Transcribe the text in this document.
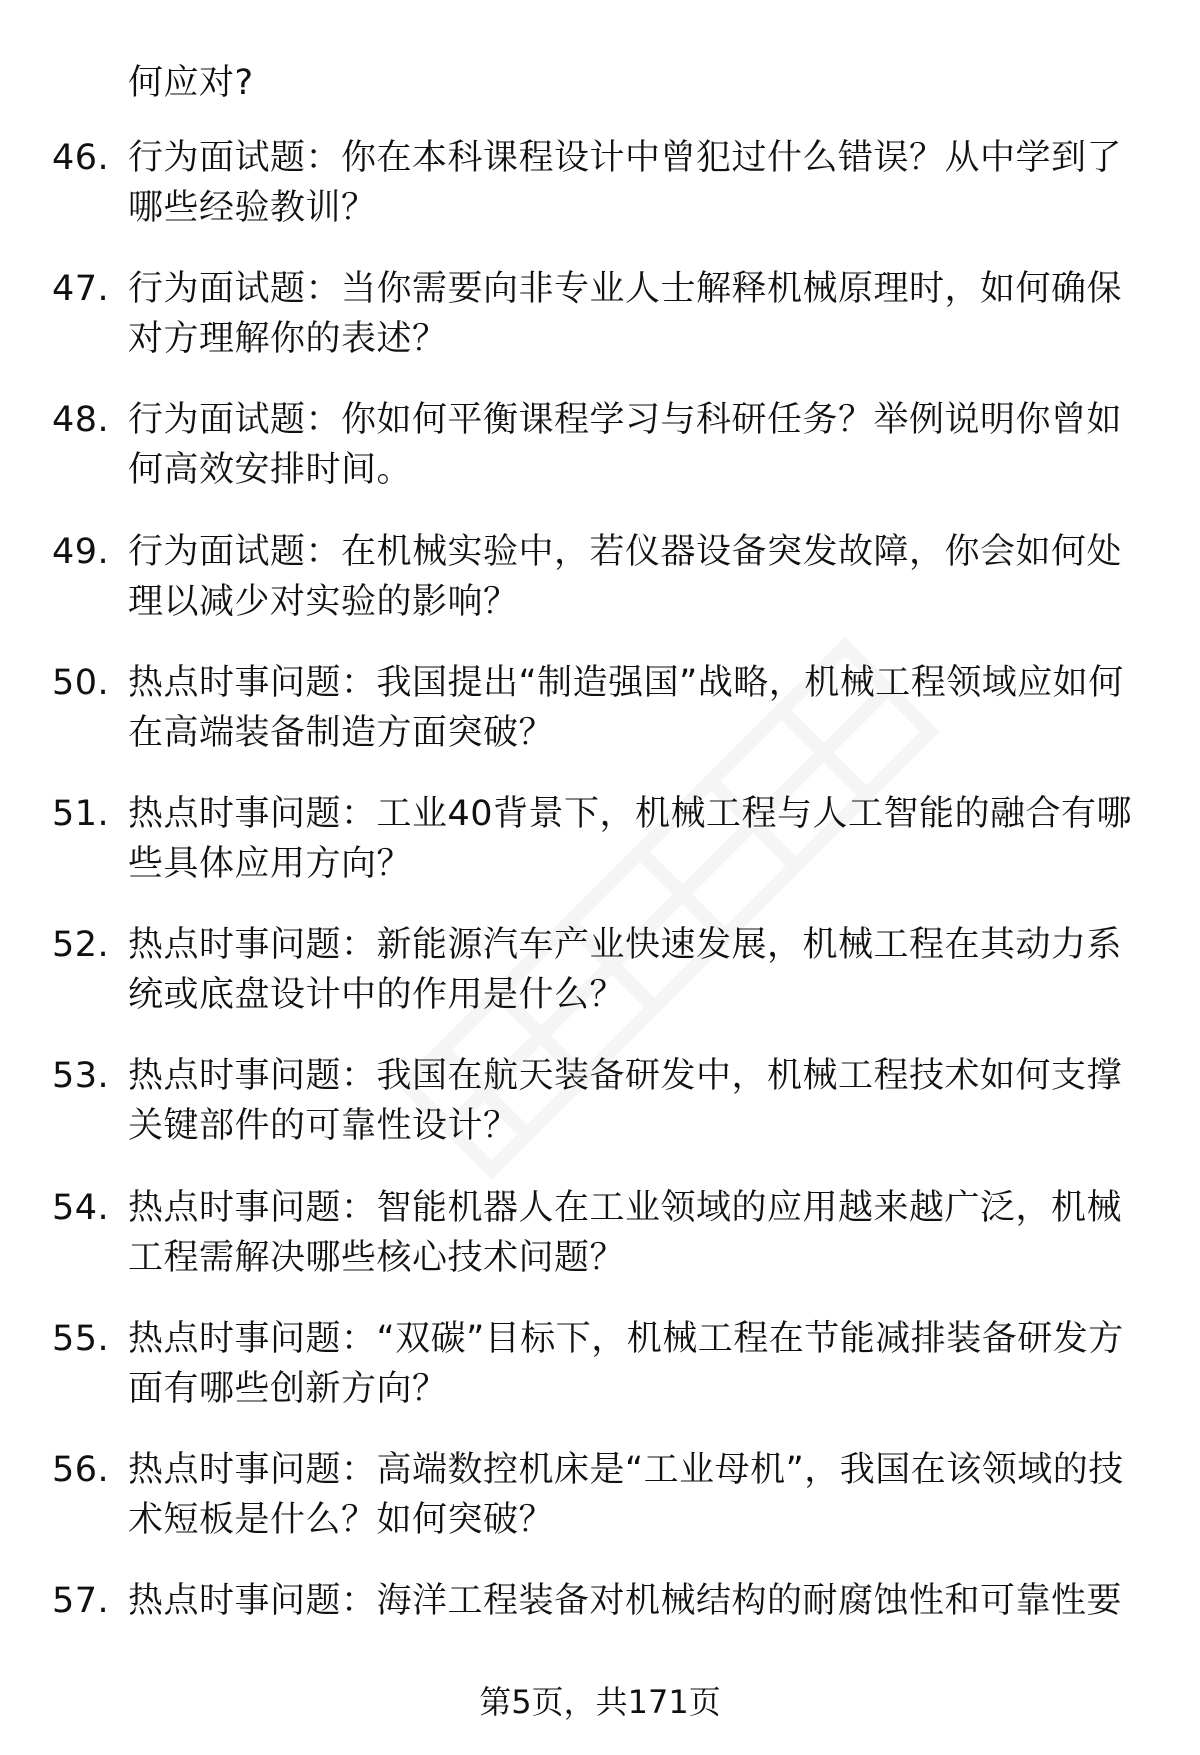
何应对?
46. 行为面试题：你在本科课程设计中曾犯过什么错误？从中学到了哪些经验教训？
47. 行为面试题：当你需要向非专业人士解释机械原理时，如何确保对方理解你的表述？
48. 行为面试题：你如何平衡课程学习与科研任务？举例说明你曾如何高效安排时间。
49. 行为面试题：在机械实验中，若仪器设备突发故障，你会如何处理以减少对实验的影响？
50. 热点时事问题：我国提出“制造强国”战略，机械工程领域应如何在高端装备制造方面突破？
51. 热点时事问题：工业40背景下，机械工程与人工智能的融合有哪些具体应用方向？
52. 热点时事问题：新能源汽车产业快速发展，机械工程在其动力系统或底盘设计中的作用是什么？
53. 热点时事问题：我国在航天装备研发中，机械工程技术如何支撑关键部件的可靠性设计？
54. 热点时事问题：智能机器人在工业领域的应用越来越广泛，机械工程需解决哪些核心技术问题？
55. 热点时事问题：“双碳”目标下，机械工程在节能减排装备研发方面有哪些创新方向？
56. 热点时事问题：高端数控机床是“工业母机”，我国在该领域的技术短板是什么？如何突破？
57. 热点时事问题：海洋工程装备对机械结构的耐腐蚀性和可靠性要
第5页，共171页
